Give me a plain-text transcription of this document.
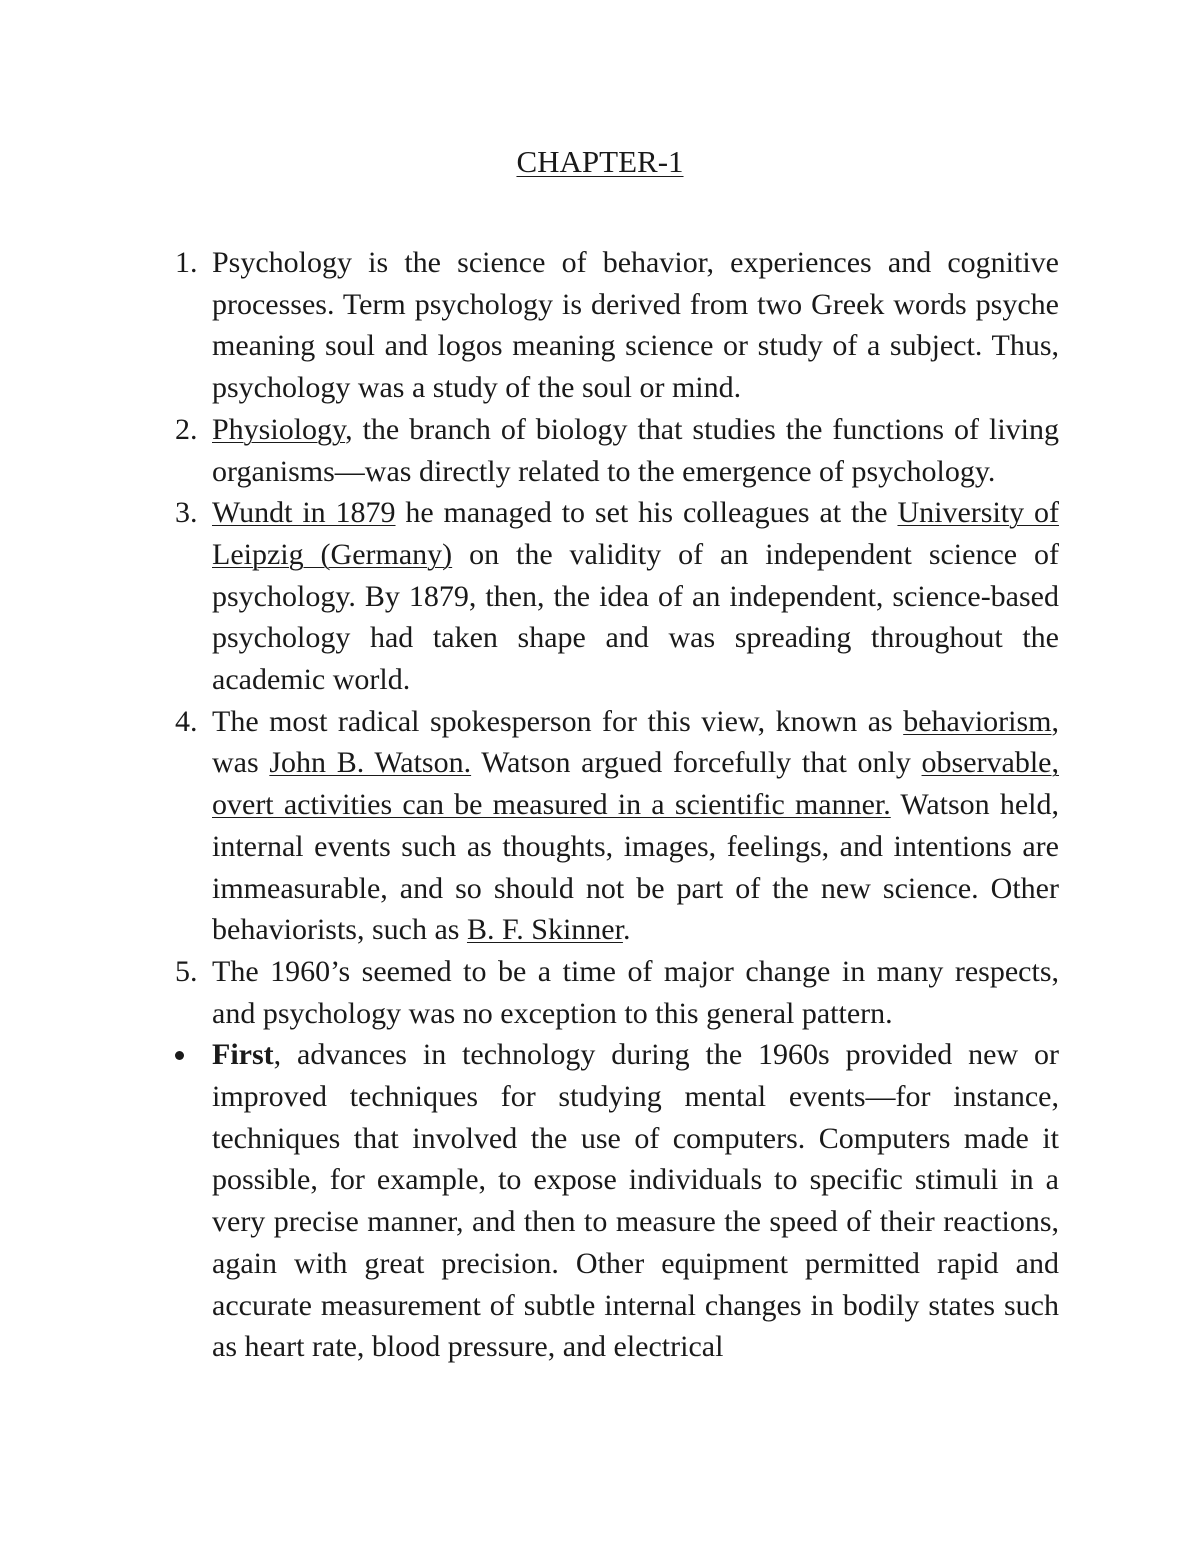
CHAPTER-1
1. Psychology is the science of behavior, experiences and cognitive processes. Term psychology is derived from two Greek words psyche meaning soul and logos meaning science or study of a subject. Thus, psychology was a study of the soul or mind.
2. Physiology, the branch of biology that studies the functions of living organisms—was directly related to the emergence of psychology.
3. Wundt in 1879 he managed to set his colleagues at the University of Leipzig (Germany) on the validity of an independent science of psychology. By 1879, then, the idea of an independent, science-based psychology had taken shape and was spreading throughout the academic world.
4. The most radical spokesperson for this view, known as behaviorism, was John B. Watson. Watson argued forcefully that only observable, overt activities can be measured in a scientific manner. Watson held, internal events such as thoughts, images, feelings, and intentions are immeasurable, and so should not be part of the new science. Other behaviorists, such as B. F. Skinner.
5. The 1960’s seemed to be a time of major change in many respects, and psychology was no exception to this general pattern.
First, advances in technology during the 1960s provided new or improved techniques for studying mental events—for instance, techniques that involved the use of computers. Computers made it possible, for example, to expose individuals to specific stimuli in a very precise manner, and then to measure the speed of their reactions, again with great precision. Other equipment permitted rapid and accurate measurement of subtle internal changes in bodily states such as heart rate, blood pressure, and electrical
